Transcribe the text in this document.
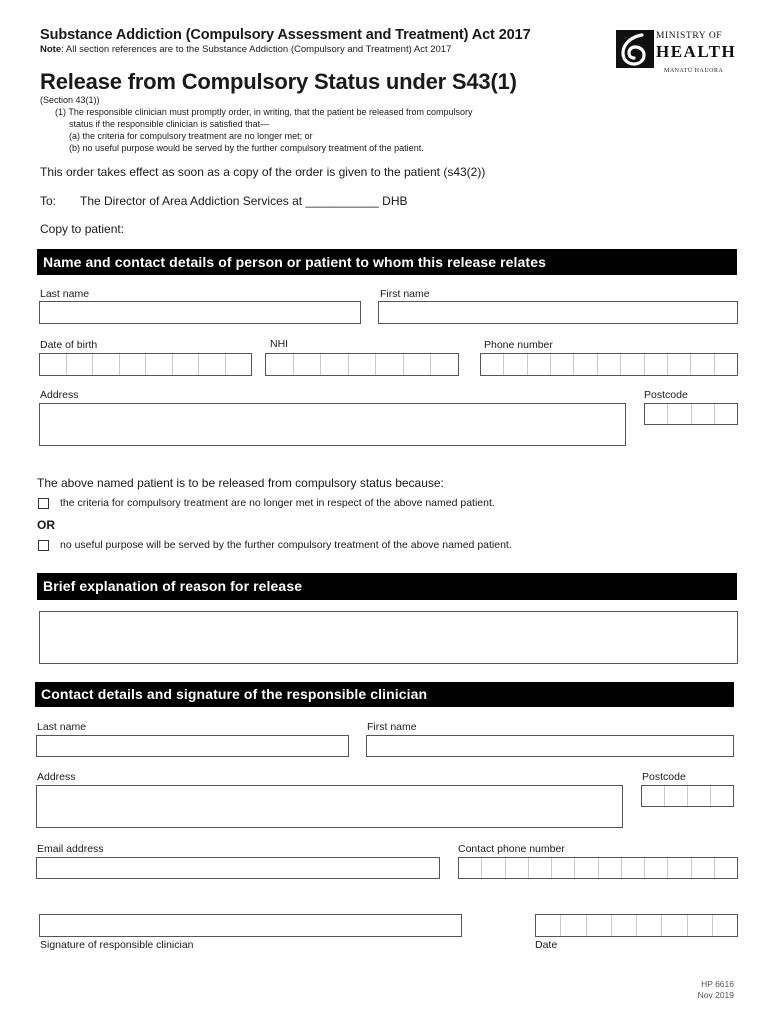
Substance Addiction (Compulsory Assessment and Treatment) Act 2017
Note: All section references are to the Substance Addiction (Compulsory and Treatment) Act 2017
MINISTRY OF
HEALTH
MANATŪ HAUORA
Release from Compulsory Status under S43(1)
(Section 43(1))
(1) The responsible clinician must promptly order, in writing, that the patient be released from compulsory
status if the responsible clinician is satisfied that—
(a) the criteria for compulsory treatment are no longer met; or
(b) no useful purpose would be served by the further compulsory treatment of the patient.
This order takes effect as soon as a copy of the order is given to the patient (s43(2))
To: The Director of Area Addiction Services at ___________ DHB
Copy to patient:
Name and contact details of person or patient to whom this release relates
Last name	First name
Date of birth	NHI	Phone number
Address	Postcode
The above named patient is to be released from compulsory status because:
the criteria for compulsory treatment are no longer met in respect of the above named patient.
OR
no useful purpose will be served by the further compulsory treatment of the above named patient.
Brief explanation of reason for release
Contact details and signature of the responsible clinician
Last name	First name
Address	Postcode
Email address	Contact phone number
Signature of responsible clinician	Date
HP 6616
Nov 2019
